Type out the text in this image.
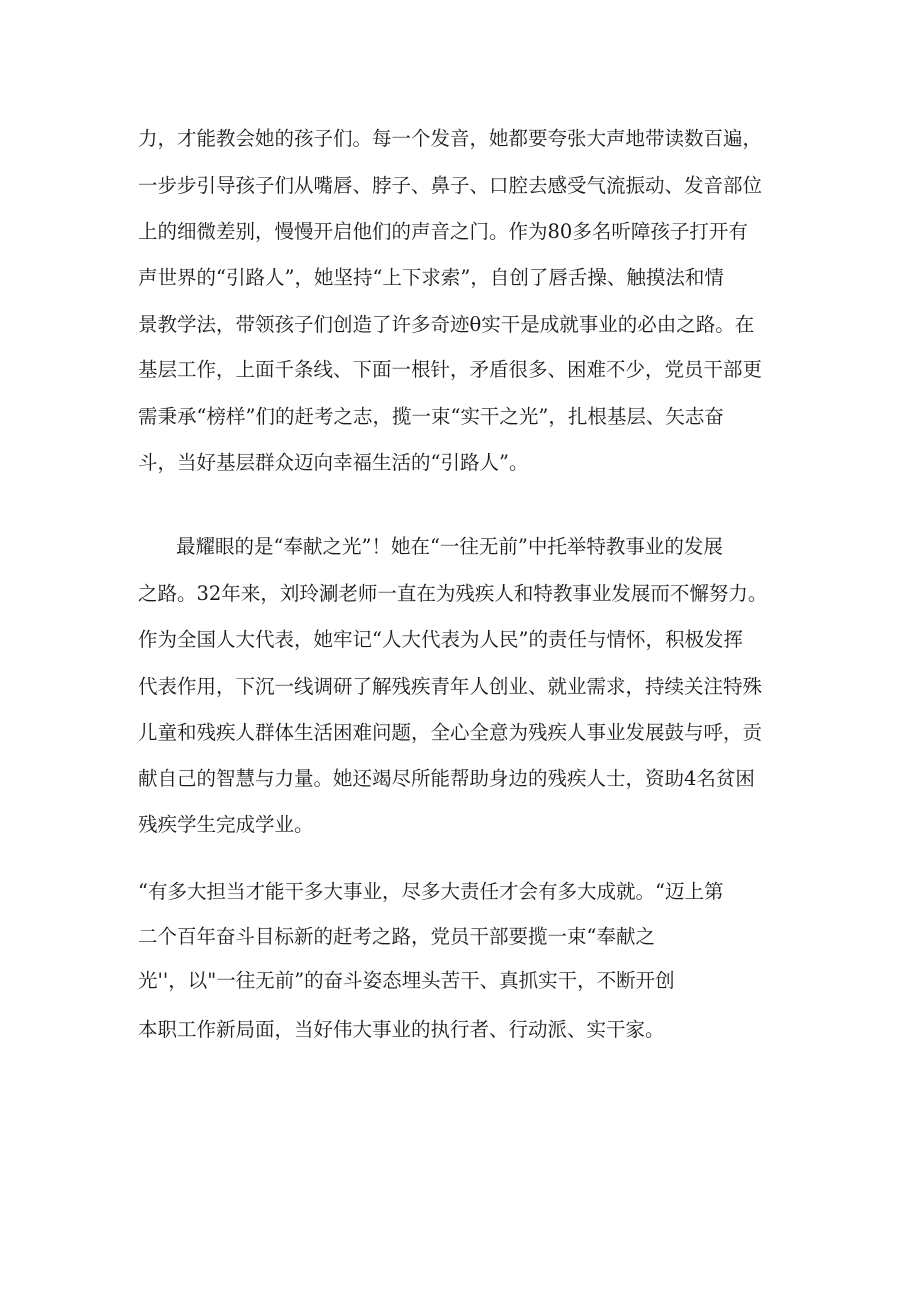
力，才能教会她的孩子们。每一个发音，她都要夸张大声地带读数百遍，
一步步引导孩子们从嘴唇、脖子、鼻子、口腔去感受气流振动、发音部位
上的细微差别，慢慢开启他们的声音之门。作为80多名听障孩子打开有
声世界的“引路人”，她坚持“上下求索”，自创了唇舌操、触摸法和情
景教学法，带领孩子们创造了许多奇迹θ实干是成就事业的必由之路。在
基层工作，上面千条线、下面一根针，矛盾很多、困难不少，党员干部更
需秉承“榜样”们的赶考之志，揽一束“实干之光”，扎根基层、矢志奋
斗，当好基层群众迈向幸福生活的“引路人”。
最耀眼的是“奉献之光”！她在“一往无前”中托举特教事业的发展
之路。32年来，刘玲涮老师一直在为残疾人和特教事业发展而不懈努力。
作为全国人大代表，她牢记“人大代表为人民”的责任与情怀，积极发挥
代表作用，下沉一线调研了解残疾青年人创业、就业需求，持续关注特殊
儿童和残疾人群体生活困难问题，全心全意为残疾人事业发展鼓与呼，贡
献自己的智慧与力量。她还竭尽所能帮助身边的残疾人士，资助4名贫困
残疾学生完成学业。
“有多大担当才能干多大事业，尽多大责任才会有多大成就。“迈上第
二个百年奋斗目标新的赶考之路，党员干部要揽一束“奉献之
光''，以"一往无前”的奋斗姿态埋头苦干、真抓实干，不断开创
本职工作新局面，当好伟大事业的执行者、行动派、实干家。
